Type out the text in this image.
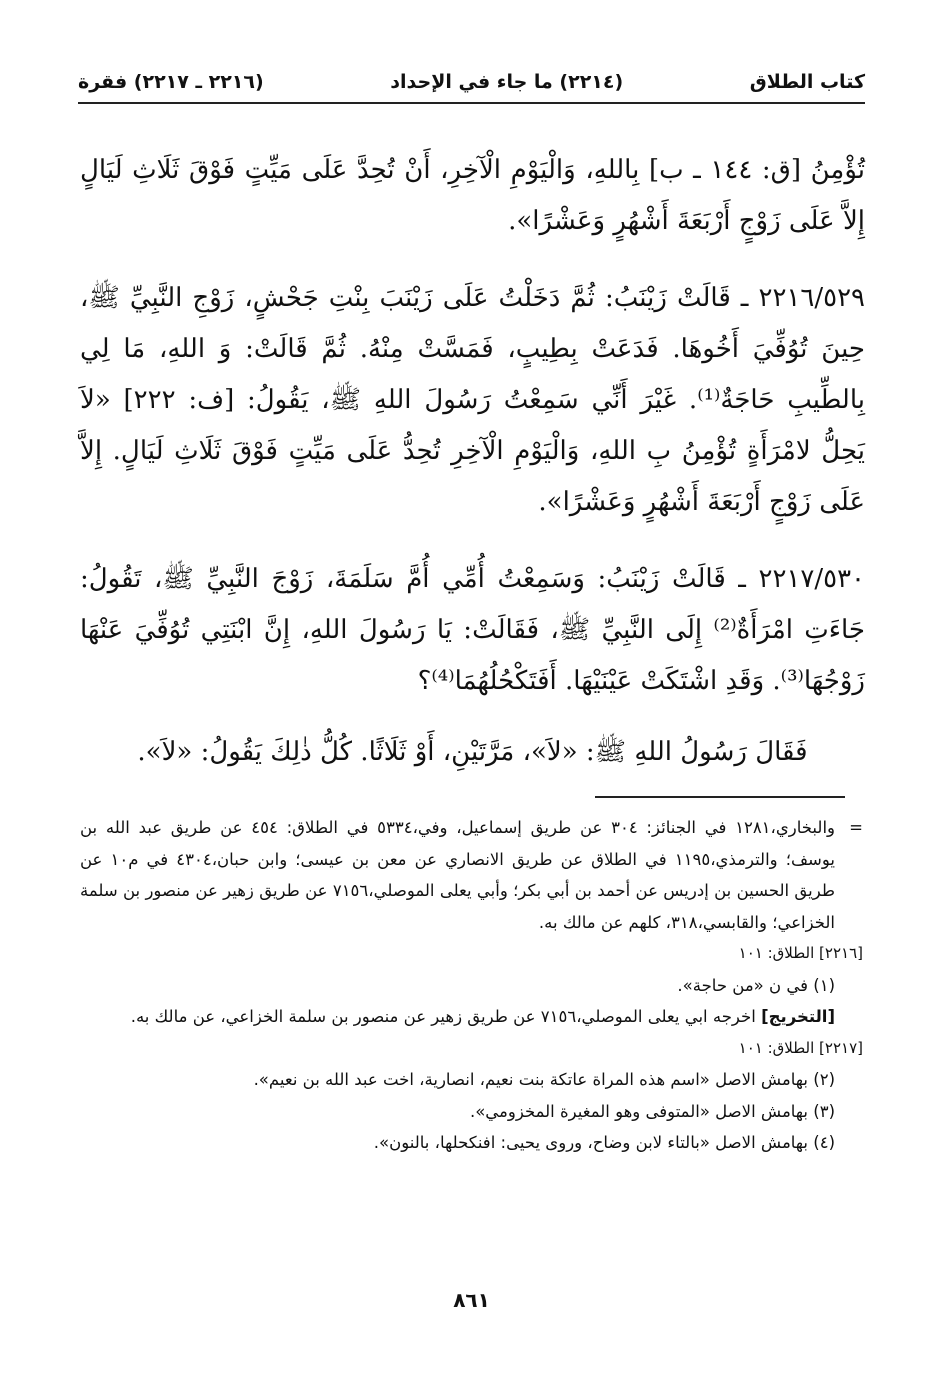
كتاب الطلاق
(٢٢١٤) ما جاء في الإحداد
(٢٢١٦ ـ ٢٢١٧) فقرة

تُؤْمِنُ [ق: ١٤٤ ـ ب] بِاللهِ، وَالْيَوْمِ الْآخِرِ، أَنْ تُحِدَّ عَلَى مَيِّتٍ فَوْقَ ثَلَاثِ لَيَالٍ إِلاَّ عَلَى زَوْجٍ أَرْبَعَةَ أَشْهُرٍ وَعَشْرًا».

٢٢١٦/٥٢٩ ـ قَالَتْ زَيْنَبُ: ثُمَّ دَخَلْتُ عَلَى زَيْنَبَ بِنْتِ جَحْشٍ، زَوْجِ النَّبِيِّ ﷺ، حِينَ تُوُفِّيَ أَخُوهَا. فَدَعَتْ بِطِيبٍ، فَمَسَّتْ مِنْهُ. ثُمَّ قَالَتْ: وَ اللهِ، مَا لِي بِالطِّيبِ حَاجَةٌ⁽¹⁾. غَيْرَ أَنِّي سَمِعْتُ رَسُولَ اللهِ ﷺ، يَقُولُ: [ف: ٢٢٢] «لاَ يَحِلُّ لامْرَأَةٍ تُؤْمِنُ بِ اللهِ، وَالْيَوْمِ الْآخِرِ تُحِدُّ عَلَى مَيِّتٍ فَوْقَ ثَلَاثِ لَيَالٍ. إِلاَّ عَلَى زَوْجٍ أَرْبَعَةَ أَشْهُرٍ وَعَشْرًا».

٢٢١٧/٥٣٠ ـ قَالَتْ زَيْنَبُ: وَسَمِعْتُ أُمِّي أُمَّ سَلَمَةَ، زَوْجَ النَّبِيِّ ﷺ، تَقُولُ: جَاءَتِ امْرَأَةٌ⁽²⁾ إِلَى النَّبِيِّ ﷺ، فَقَالَتْ: يَا رَسُولَ اللهِ، إِنَّ ابْنَتِي تُوُفِّيَ عَنْهَا زَوْجُهَا⁽³⁾. وَقَدِ اشْتَكَتْ عَيْنَيْهَا. أَفَتَكْحُلُهُمَا⁽⁴⁾؟

فَقَالَ رَسُولُ اللهِ ﷺ: «لاَ»، مَرَّتَيْنِ، أَوْ ثَلَاثًا. كُلُّ ذٰلِكَ يَقُولُ: «لاَ».

=والبخاري،١٢٨١ في الجنائز: ٣٠٤ عن طريق إسماعيل، وفي،٥٣٣٤ في الطلاق: ٤٥٤ عن طريق عبد الله بن يوسف؛ والترمذي،١١٩٥ في الطلاق عن طريق الانصاري عن معن بن عيسى؛ وابن حبان،٤٣٠٤ في م١٠ عن طريق الحسين بن إدريس عن أحمد بن أبي بكر؛ وأبي يعلى الموصلي،٧١٥٦ عن طريق زهير عن منصور بن سلمة الخزاعي؛ والقابسي،٣١٨، كلهم عن مالك به.

[٢٢١٦] الطلاق: ١٠١

(١) في ن «من حاجة».

[التخريج] اخرجه ابي يعلى الموصلي،٧١٥٦ عن طريق زهير عن منصور بن سلمة الخزاعي، عن مالك به.

[٢٢١٧] الطلاق: ١٠١

(٢) بهامش الاصل «اسم هذه المراة عاتكة بنت نعيم، انصارية، اخت عبد الله بن نعيم».

(٣) بهامش الاصل «المتوفى وهو المغيرة المخزومي».

(٤) بهامش الاصل «بالتاء لابن وضاح، وروى يحيى: افنكحلها، بالنون».

٨٦١
